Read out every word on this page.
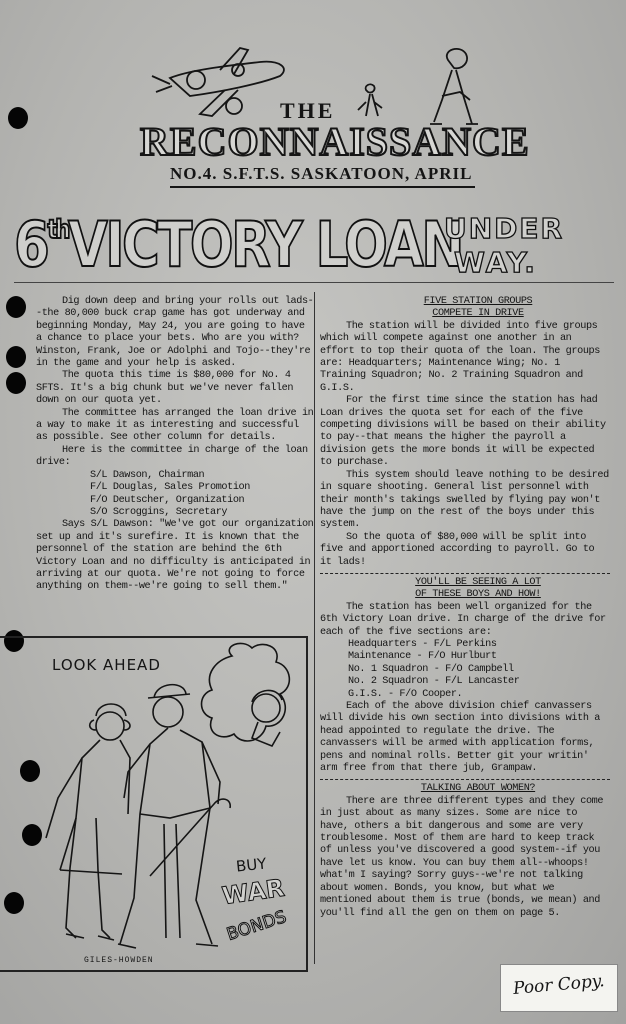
THE
RECONNAISSANCE
NO.4. S.F.T.S. SASKATOON, APRIL
6thVICTORY LOAN
UNDER
WAY.

Dig down deep and bring your rolls out lads--the 80,000 buck crap game has got underway and beginning Monday, May 24, you are going to have a chance to place your bets. Who are you with? Winston, Frank, Joe or Adolphi and Tojo--they're in the game and your help is asked.

The quota this time is $80,000 for No. 4 SFTS. It's a big chunk but we've never fallen down on our quota yet.

The committee has arranged the loan drive in a way to make it as interesting and successful as possible. See other column for details.

Here is the committee in charge of the loan drive:

S/L Dawson, Chairman
F/L Douglas, Sales Promotion
F/O Deutscher, Organization
S/O Scroggins, Secretary

Says S/L Dawson: "We've got our organization set up and it's surefire. It is known that the personnel of the station are behind the 6th Victory Loan and no difficulty is anticipated in arriving at our quota. We're not going to force anything on them--we're going to sell them."

FIVE STATION GROUPS

COMPETE IN DRIVE

The station will be divided into five groups which will compete against one another in an effort to top their quota of the loan. The groups are: Headquarters; Maintenance Wing; No. 1 Training Squadron; No. 2 Training Squadron and G.I.S.

For the first time since the station has had Loan drives the quota set for each of the five competing divisions will be based on their ability to pay--that means the higher the payroll a division gets the more bonds it will be expected to purchase.

This system should leave nothing to be desired in square shooting. General list personnel with their month's takings swelled by flying pay won't have the jump on the rest of the boys under this system.

So the quota of $80,000 will be split into five and apportioned according to payroll. Go to it lads!

YOU'LL BE SEEING A LOT

OF THESE BOYS AND HOW!

The station has been well organized for the 6th Victory Loan drive. In charge of the drive for each of the five sections are:

Headquarters - F/L Perkins
Maintenance - F/O Hurlburt
No. 1 Squadron - F/O Campbell
No. 2 Squadron - F/L Lancaster
G.I.S. - F/O Cooper.

Each of the above division chief canvassers will divide his own section into divisions with a head appointed to regulate the drive. The canvassers will be armed with application forms, pens and nominal rolls. Better git your writin' arm free from that there jub, Grampaw.

TALKING ABOUT WOMEN?

There are three different types and they come in just about as many sizes. Some are nice to have, others a bit dangerous and some are very troublesome. Most of them are hard to keep track of unless you've discovered a good system--if you have let us know. You can buy them all--whoops! what'm I saying? Sorry guys--we're not talking about women. Bonds, you know, but what we mentioned about them is true (bonds, we mean) and you'll find all the gen on them on page 5.

LOOK AHEAD
BUY
WAR
BONDS
GILES-HOWDEN
Poor Copy.
